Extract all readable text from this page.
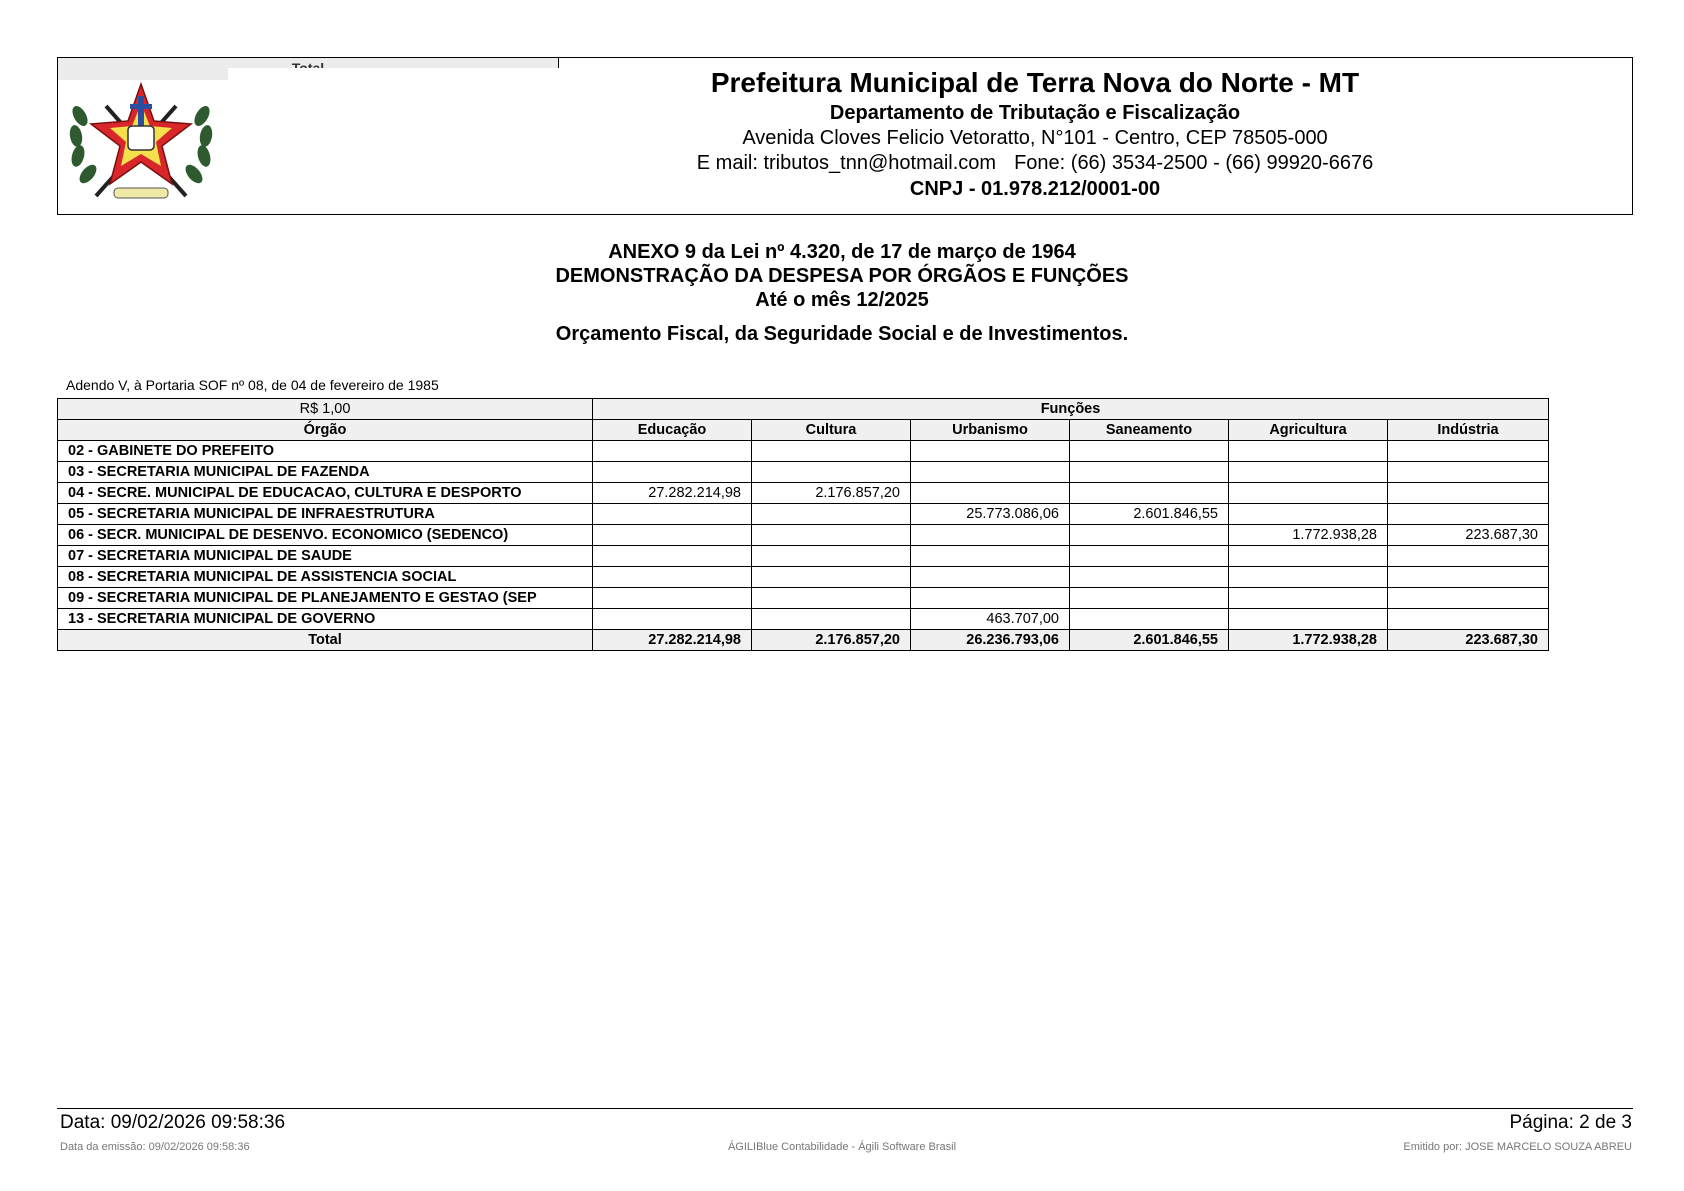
Prefeitura Municipal de Terra Nova do Norte - MT
Departamento de Tributação e Fiscalização
Avenida Cloves Felicio Vetoratto, N°101 - Centro, CEP 78505-000
E mail: tributos_tnn@hotmail.com Fone: (66) 3534-2500 - (66) 99920-6676
CNPJ - 01.978.212/0001-00
ANEXO 9 da Lei nº 4.320, de 17 de março de 1964
DEMONSTRAÇÃO DA DESPESA POR ÓRGÃOS E FUNÇÕES
Até o mês 12/2025
Orçamento Fiscal, da Seguridade Social e de Investimentos.
Adendo V, à Portaria SOF nº 08, de 04 de fevereiro de 1985
R$ 1,00	Funções					
Órgão	Educação	Cultura	Urbanismo	Saneamento	Agricultura	Indústria
02 - GABINETE DO PREFEITO						
03 - SECRETARIA MUNICIPAL DE FAZENDA						
04 - SECRE. MUNICIPAL DE EDUCACAO, CULTURA E DESPORTO	27.282.214,98	2.176.857,20				
05 - SECRETARIA MUNICIPAL DE INFRAESTRUTURA			25.773.086,06	2.601.846,55		
06 - SECR. MUNICIPAL DE DESENVO. ECONOMICO (SEDENCO)					1.772.938,28	223.687,30
07 - SECRETARIA MUNICIPAL DE SAUDE						
08 - SECRETARIA MUNICIPAL DE ASSISTENCIA SOCIAL						
09 - SECRETARIA MUNICIPAL DE PLANEJAMENTO E GESTAO (SEP						
13 - SECRETARIA MUNICIPAL DE GOVERNO			463.707,00			
Total	27.282.214,98	2.176.857,20	26.236.793,06	2.601.846,55	1.772.938,28	223.687,30
Data: 09/02/2026 09:58:36	Página: 2 de 3
Data da emissão: 09/02/2026 09:58:36	ÁGILIBlue Contabilidade - Ágili Software Brasil	Emitido por: JOSE MARCELO SOUZA ABREU
